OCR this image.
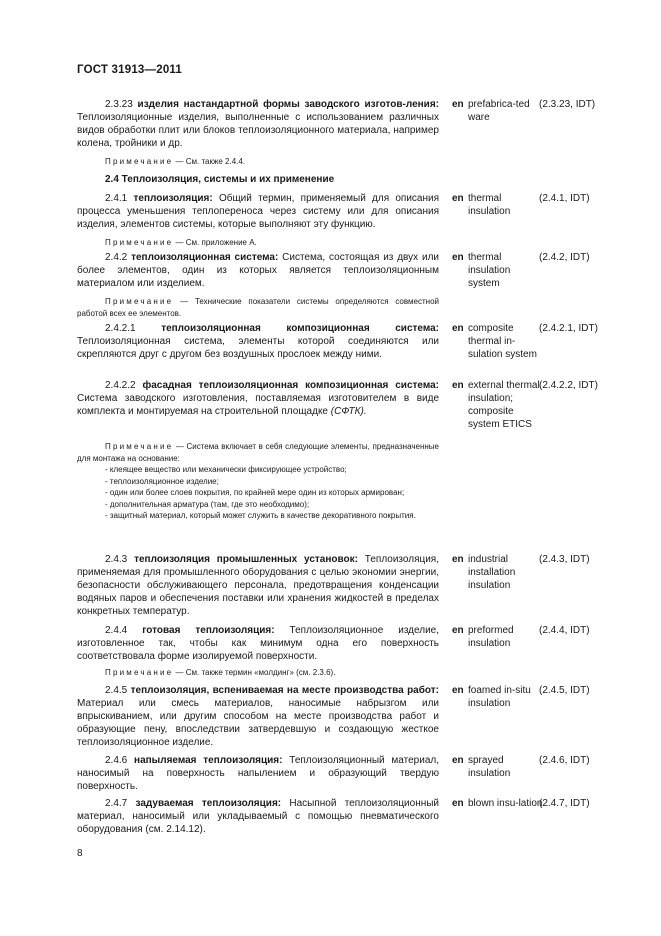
ГОСТ 31913—2011
2.3.23 изделия настандартной формы заводского изготов-ления: Теплоизоляционные изделия, выполненные с использованием различных видов обработки плит или блоков теплоизоляционного материала, например колена, тройники и др.
en prefabrica-ted ware
(2.3.23, IDT)
Примечание — См. также 2.4.4.
2.4 Теплоизоляция, системы и их применение
2.4.1 теплоизоляция: Общий термин, применяемый для описания процесса уменьшения теплопереноса через систему или для описания изделия, элементов системы, которые выполняют эту функцию.
en thermal insulation
(2.4.1, IDT)
Примечание — См. приложение А.
2.4.2 теплоизоляционная система: Система, состоящая из двух или более элементов, один из которых является теплоизоляционным материалом или изделием.
en thermal insulation system
(2.4.2, IDT)
Примечание — Технические показатели системы определяются совместной работой всех ее элементов.
2.4.2.1	теплоизоляционная композиционная система: Теплоизоляционная система, элементы которой соединяются или скрепляются друг с другом без воздушных прослоек между ними.
en composite thermal in-sulation system
(2.4.2.1, IDT)
2.4.2.2 фасадная теплоизоляционная композиционная система: Система заводского изготовления, поставляемая изготовителем в виде комплекта и монтируемая на строительной площадке (СФТК).
en external thermal insulation; composite system ETICS
(2.4.2.2, IDT)
Примечание — Система включает в себя следующие элементы, предназначенные для монтажа на основание:
- клеящее вещество или механически фиксирующее устройство;
- теплоизоляционное изделие;
- один или более слоев покрытия, по крайней мере один из которых армирован;
- дополнительная арматура (там, где это необходимо);
- защитный материал, который может служить в качестве декоративного покрытия.
2.4.3 теплоизоляция промышленных установок: Теплоизоляция, применяемая для промышленного оборудования с целью экономии энергии, безопасности обслуживающего персонала, предотвращения конденсации водяных паров и обеспечения поставки или хранения жидкостей в пределах конкретных температур.
en industrial installation insulation
(2.4.3, IDT)
2.4.4 готовая теплоизоляция: Теплоизоляционное изделие, изготовленное так, чтобы как минимум одна его поверхность соответствовала форме изолируемой поверхности.
en preformed insulation
(2.4.4, IDT)
Примечание — См. также термин «молдинг» (см. 2.3.6).
2.4.5 теплоизоляция, вспениваемая на месте производства работ: Материал или смесь материалов, наносимые набрызгом или впрыскиванием, или другим способом на месте производства работ и образующие пену, впоследствии затвердевшую и создающую жесткое теплоизоляционное изделие.
en foamed in-situ insulation
(2.4.5, IDT)
2.4.6 напыляемая теплоизоляция: Теплоизоляционный материал, наносимый на поверхность напылением и образующий твердую поверхность.
en sprayed insulation
(2.4.6, IDT)
2.4.7 задуваемая теплоизоляция: Насыпной теплоизоляционный материал, наносимый или укладываемый с помощью пневматического оборудования (см. 2.14.12).
en blown insu-lation
(2.4.7, IDT)
8
